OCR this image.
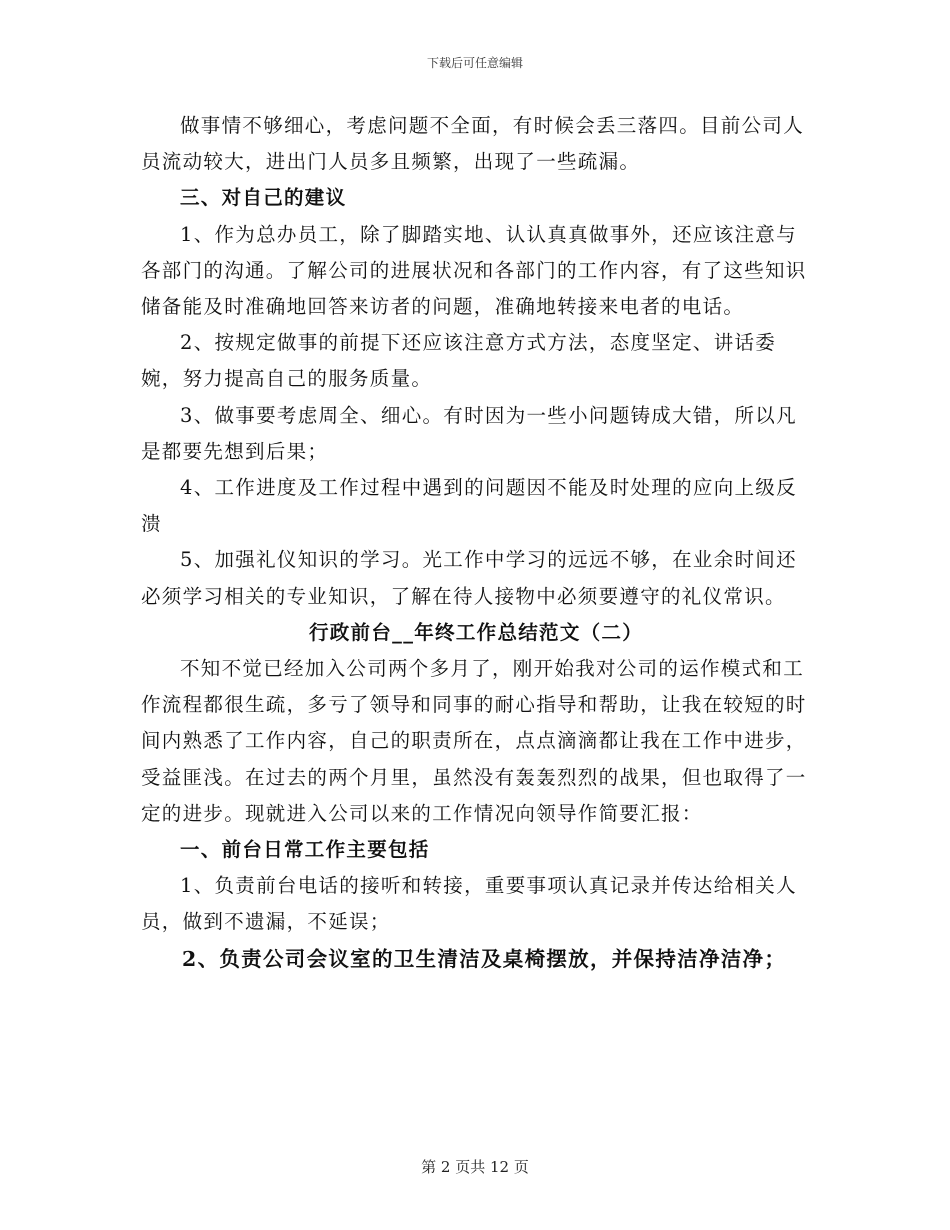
下载后可任意编辑

做事情不够细心，考虑问题不全面，有时候会丢三落四。目前公司人员流动较大，进出门人员多且频繁，出现了一些疏漏。

三、对自己的建议

1、作为总办员工，除了脚踏实地、认认真真做事外，还应该注意与各部门的沟通。了解公司的进展状况和各部门的工作内容，有了这些知识储备能及时准确地回答来访者的问题，准确地转接来电者的电话。

2、按规定做事的前提下还应该注意方式方法，态度坚定、讲话委婉，努力提高自己的服务质量。

3、做事要考虑周全、细心。有时因为一些小问题铸成大错，所以凡是都要先想到后果；

4、工作进度及工作过程中遇到的问题因不能及时处理的应向上级反溃

5、加强礼仪知识的学习。光工作中学习的远远不够，在业余时间还必须学习相关的专业知识，了解在待人接物中必须要遵守的礼仪常识。

行政前台__年终工作总结范文（二）

不知不觉已经加入公司两个多月了，刚开始我对公司的运作模式和工作流程都很生疏，多亏了领导和同事的耐心指导和帮助，让我在较短的时间内熟悉了工作内容，自己的职责所在，点点滴滴都让我在工作中进步，受益匪浅。在过去的两个月里，虽然没有轰轰烈烈的战果，但也取得了一定的进步。现就进入公司以来的工作情况向领导作简要汇报：

一、前台日常工作主要包括

1、负责前台电话的接听和转接，重要事项认真记录并传达给相关人员，做到不遗漏，不延误；

2、负责公司会议室的卫生清洁及桌椅摆放，并保持洁净洁净；

第 2 页共 12 页
